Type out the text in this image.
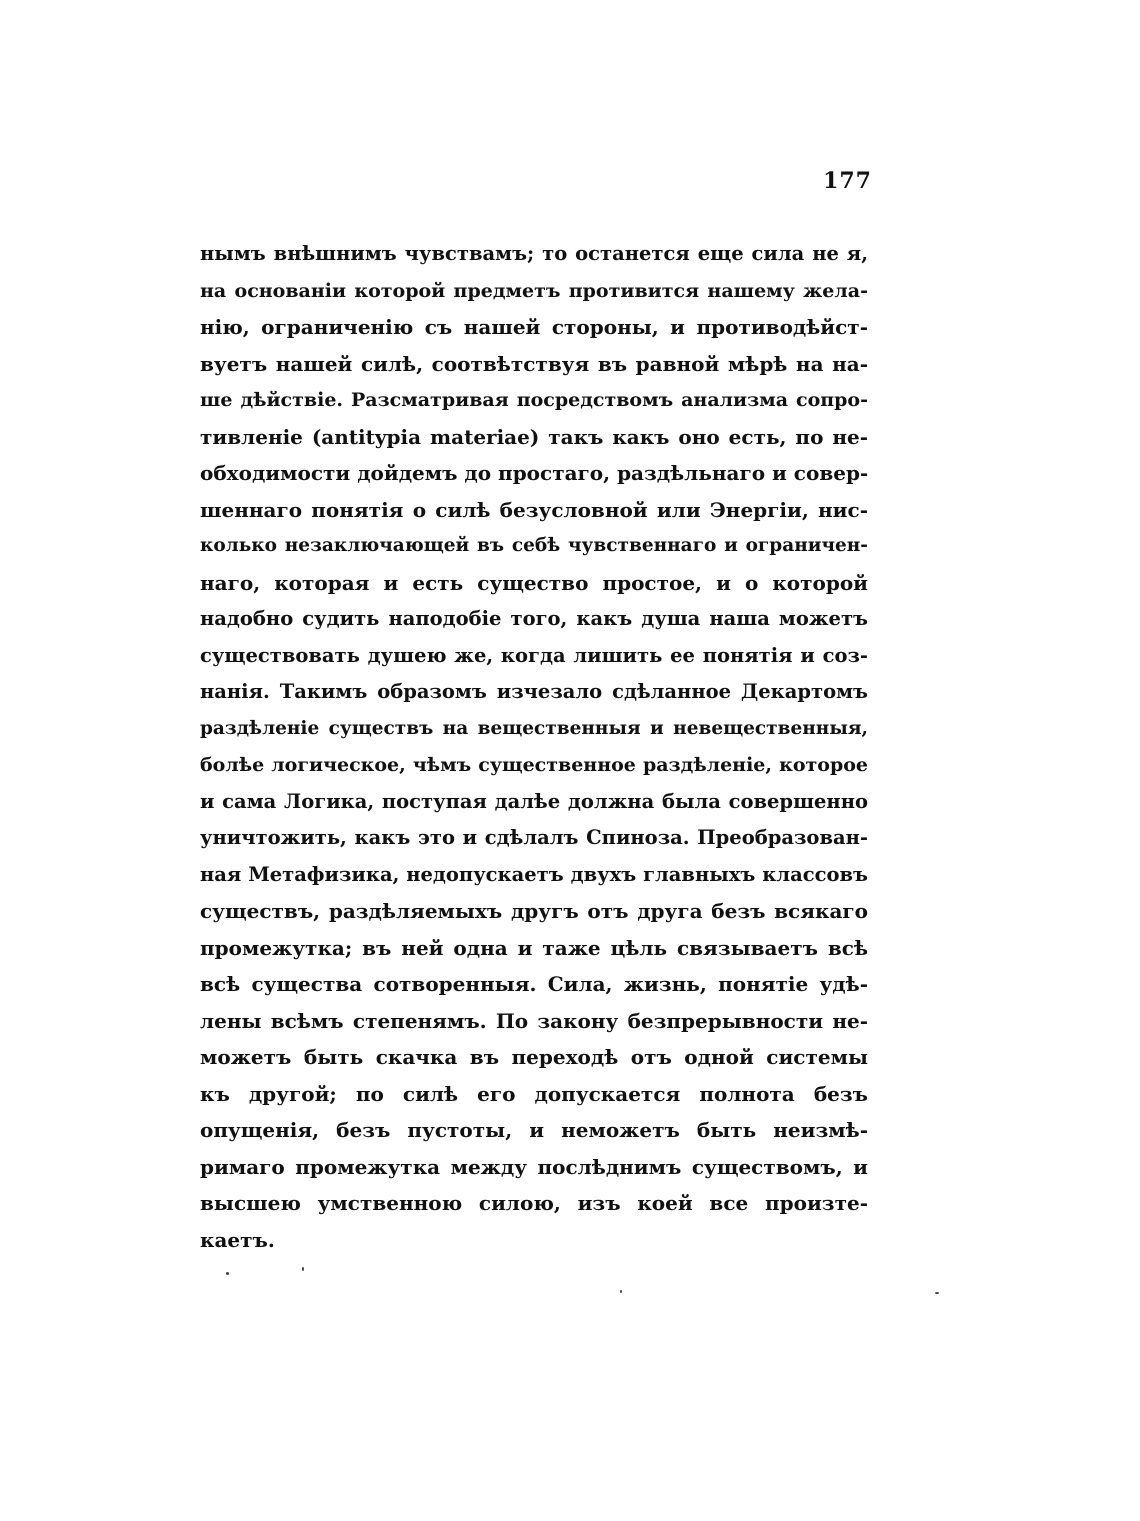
177
нымъ внѣшнимъ чувствамъ; то останется еще сила не я,
на основаніи которой предметъ противится нашему жела-
нію, ограниченію съ нашей стороны, и противодѣйст-
вуетъ нашей силѣ, соотвѣтствуя въ равной мѣрѣ на на-
ше дѣйствіе. Разсматривая посредствомъ анализма сопро-
тивленіе (antitypia materiae) такъ какъ оно есть, по не-
обходимости дойдемъ до простаго, раздѣльнаго и совер-
шеннаго понятія о силѣ безусловной или Энергіи, нис-
колько незаключающей въ себѣ чувственнаго и ограничен-
наго, которая и есть существо простое, и о которой
надобно судить наподобіе того, какъ душа наша можетъ
существовать душею же, когда лишить ее понятія и соз-
нанія. Такимъ образомъ изчезало сдѣланное Декартомъ
раздѣленіе существъ на вещественныя и невещественныя,
болѣе логическое, чѣмъ существенное раздѣленіе, которое
и сама Логика, поступая далѣе должна была совершенно
уничтожить, какъ это и сдѣлалъ Спиноза. Преобразован-
ная Метафизика, недопускаетъ двухъ главныхъ классовъ
существъ, раздѣляемыхъ другъ отъ друга безъ всякаго
промежутка; въ ней одна и таже цѣль связываетъ всѣ
всѣ существа сотворенныя. Сила, жизнь, понятіе удѣ-
лены всѣмъ степенямъ. По закону безпрерывности не-
можетъ быть скачка въ переходѣ отъ одной системы
къ другой; по силѣ его допускается полнота безъ
опущенія, безъ пустоты, и неможетъ быть неизмѣ-
римаго промежутка между послѣднимъ существомъ, и
высшею умственною силою, изъ коей все произте-
каетъ.
